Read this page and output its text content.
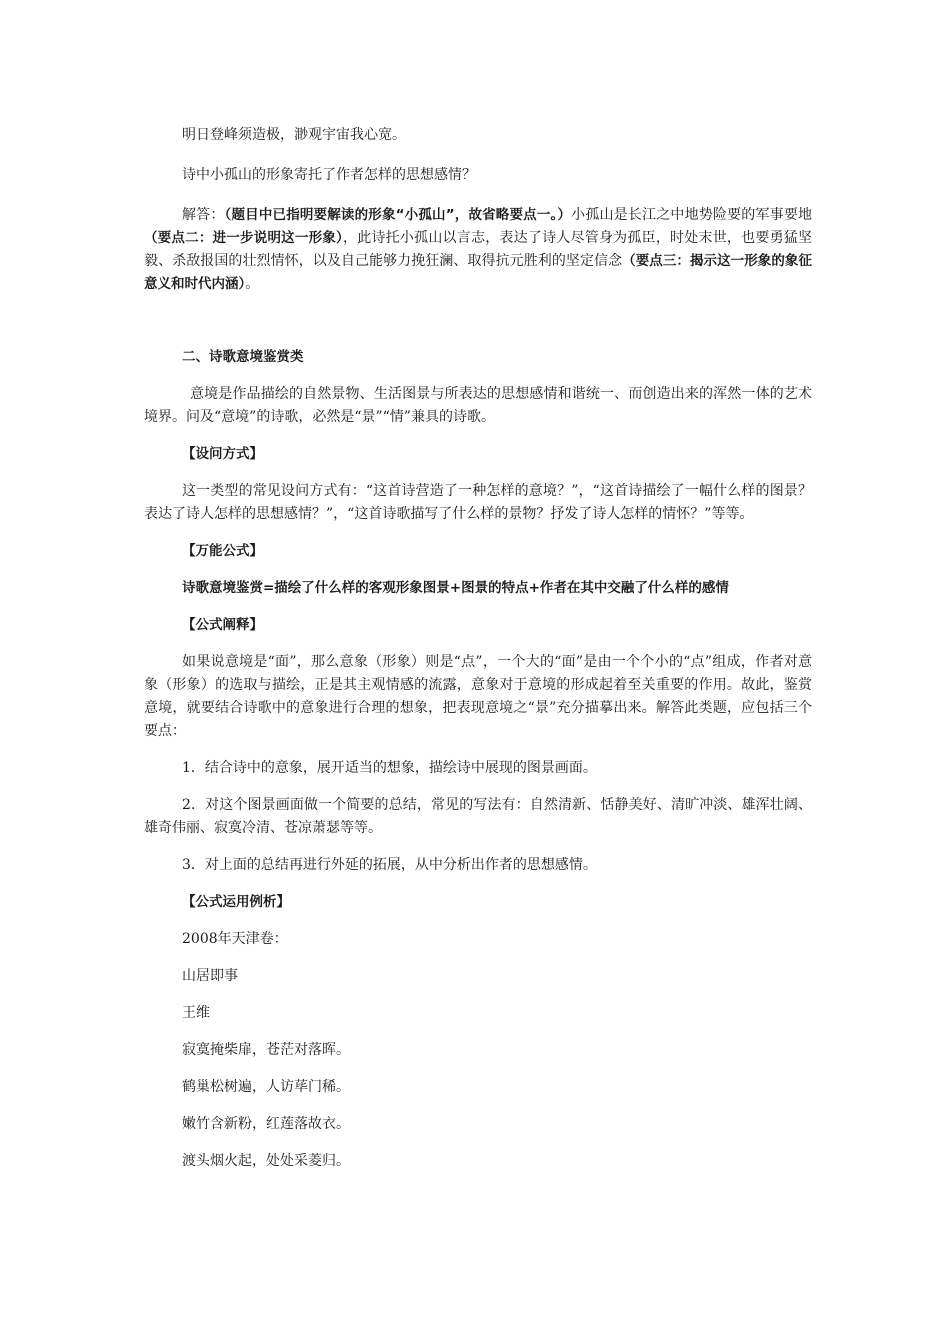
明日登峰须造极，渺观宇宙我心宽。

诗中小孤山的形象寄托了作者怎样的思想感情？

解答：（题目中已指明要解读的形象“小孤山”，故省略要点一。）小孤山是长江之中地势险要的军事要地（要点二：进一步说明这一形象），此诗托小孤山以言志，表达了诗人尽管身为孤臣，时处末世，也要勇猛坚毅、杀敌报国的壮烈情怀，以及自己能够力挽狂澜、取得抗元胜利的坚定信念（要点三：揭示这一形象的象征意义和时代内涵）。

二、诗歌意境鉴赏类

意境是作品描绘的自然景物、生活图景与所表达的思想感情和谐统一、而创造出来的浑然一体的艺术境界。问及“意境”的诗歌，必然是“景”“情”兼具的诗歌。

【设问方式】

这一类型的常见设问方式有：“这首诗营造了一种怎样的意境？”，“这首诗描绘了一幅什么样的图景？表达了诗人怎样的思想感情？”，“这首诗歌描写了什么样的景物？抒发了诗人怎样的情怀？”等等。

【万能公式】

诗歌意境鉴赏=描绘了什么样的客观形象图景+图景的特点+作者在其中交融了什么样的感情

【公式阐释】

如果说意境是“面”，那么意象（形象）则是“点”，一个大的“面”是由一个个小的“点”组成，作者对意象（形象）的选取与描绘，正是其主观情感的流露，意象对于意境的形成起着至关重要的作用。故此，鉴赏意境，就要结合诗歌中的意象进行合理的想象，把表现意境之“景”充分描摹出来。解答此类题，应包括三个要点：

1．结合诗中的意象，展开适当的想象，描绘诗中展现的图景画面。

2．对这个图景画面做一个简要的总结，常见的写法有：自然清新、恬静美好、清旷冲淡、雄浑壮阔、雄奇伟丽、寂寞冷清、苍凉萧瑟等等。

3．对上面的总结再进行外延的拓展，从中分析出作者的思想感情。

【公式运用例析】

2008年天津卷：

山居即事

王维

寂寞掩柴扉，苍茫对落晖。

鹤巢松树遍，人访荜门稀。

嫩竹含新粉，红莲落故衣。

渡头烟火起，处处采菱归。
